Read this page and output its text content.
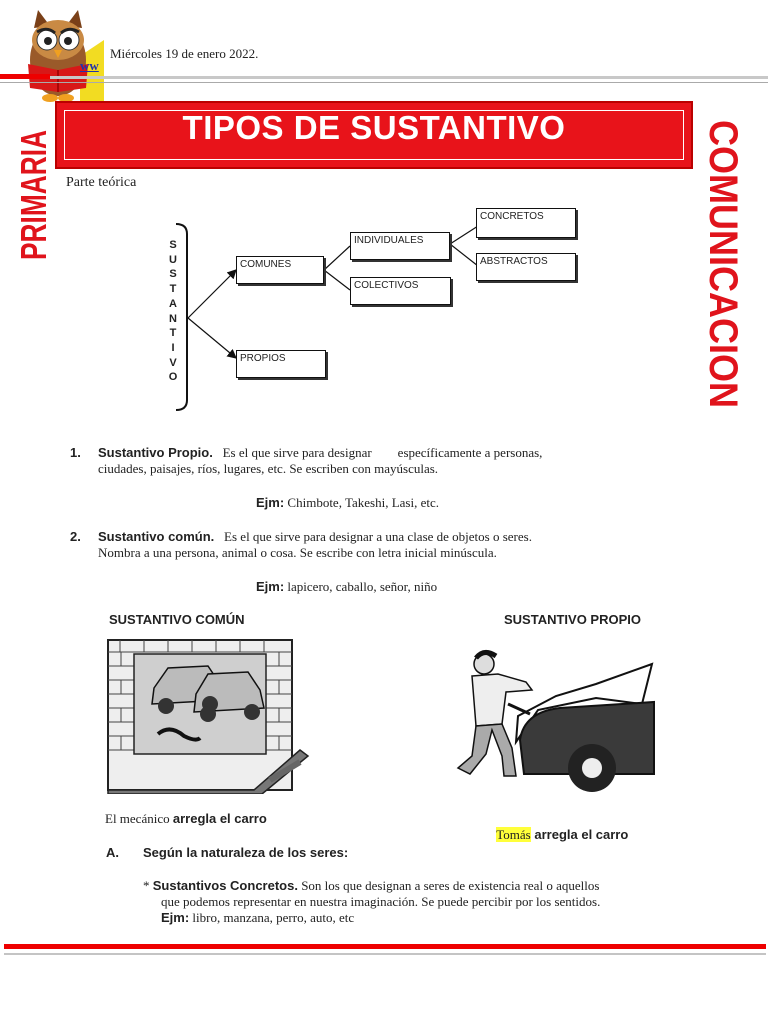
Miércoles 19 de enero 2022.
ww
TIPOS DE SUSTANTIVO
PRIMARIA	COMUNICACION
Parte teórica
S
U
S
T
A
N
T
I
V
O
COMUNES
PROPIOS
INDIVIDUALES
COLECTIVOS
CONCRETOS
ABSTRACTOS
1. Sustantivo Propio. Es el que sirve para designar        específicamente a personas,
ciudades, paisajes, ríos, lugares, etc. Se escriben con mayúsculas.
Ejm: Chimbote, Takeshi, Lasi, etc.
2. Sustantivo común. Es el que sirve para designar a una clase de objetos o seres.
Nombra a una persona, animal o cosa. Se escribe con letra inicial minúscula.
Ejm: lapicero, caballo, señor, niño
SUSTANTIVO COMÚN	SUSTANTIVO PROPIO
El mecánico arregla el carro

Tomás arregla el carro

A. Según la naturaleza de los seres:
* Sustantivos Concretos. Son los que designan a seres de existencia real o aquellos
que podemos representar en nuestra imaginación. Se puede percibir por los sentidos.
Ejm: libro, manzana, perro, auto, etc
